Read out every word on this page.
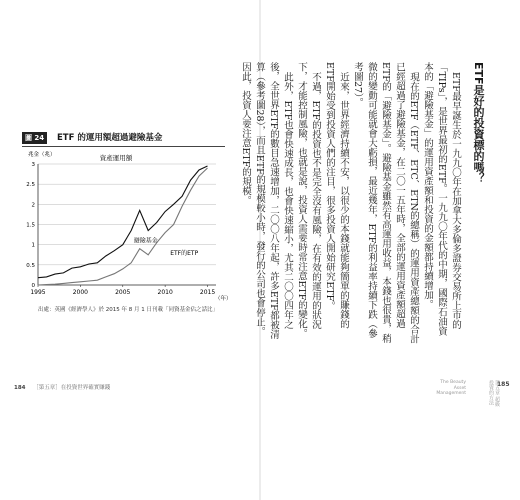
圖 24	ETF 的運用額超過避險基金
資產運用額
兆金（兆）
0
0.5
1
1.5
2
2.5
3
1995	2000	2005	2010	2015
避險基金
ETF的ETP
（年）
出處：英國《經濟學人》於 2015 年 8 月 1 日刊載「同資基金佔之話比」
184 ［第五章］在投資世界確實賺錢
ETF是好的投資標的嗎？

ETF最早誕生於一九九〇年在加拿大多倫多證券交易所上市的「TIPs」，是世界最初的ETF。一九九〇年代的中期，國際石油資本的「避險基金」的運用資產額和投資的金額都持續增加。

現在的ETF（ETF、ETC、ETN的總稱）的運用資產總額的合計已經超過了避險基金，在二〇一五年時，全部的運用資產額超過ETF的「避險基金」。避險基金雖然有高運用收益，本錢也很貴，稍微的變動可能就會大虧損，最近幾年，ETF的利益率持續下跌（參考圖27）。

近來，世界經濟持續不安，以很少的本錢就能夠簡單的賺錢的ETF開始受到投資人們的注目，很多投資人開始研究ETF。

不過，ETF的投資也不是完全沒有風險，在有效的運用的狀況下，才能控制風險，也就是說，投資人需要時常注意ETF的變化。

此外，ETF也會快速成長，也會快速縮小，尤其二〇〇四年之後，全世界ETF的數目急速增加，二〇〇八年起，許多ETF都被清算（參考圖28），而且ETF的規模較小時，發行的公司也會停止。因此，投資人要注意ETF的規模。

The Beauty
Asset
Management	第五章 超級投資的方法 185
